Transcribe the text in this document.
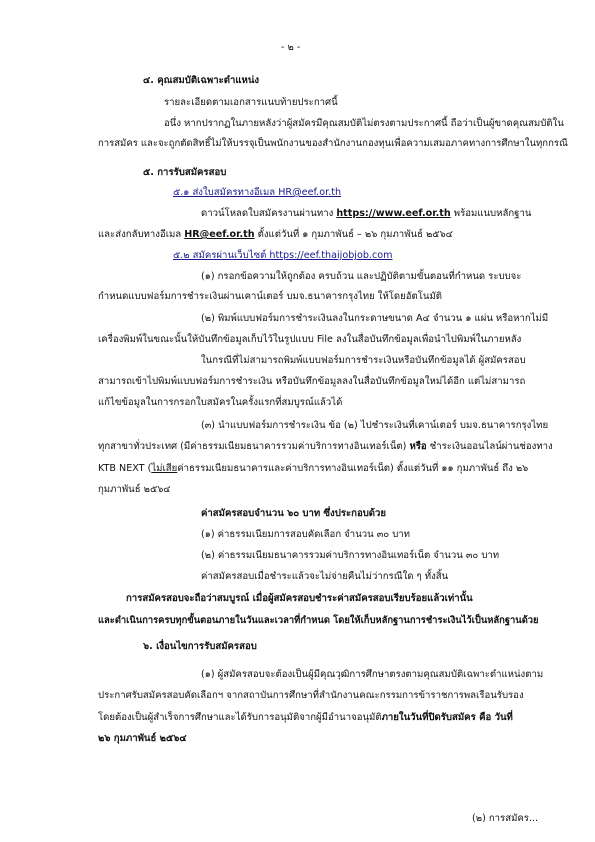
- ๒ -
๔. คุณสมบัติเฉพาะตำแหน่ง
รายละเอียดตามเอกสารแนบท้ายประกาศนี้
อนึ่ง หากปรากฏในภายหลังว่าผู้สมัครมีคุณสมบัติไม่ตรงตามประกาศนี้ ถือว่าเป็นผู้ขาดคุณสมบัติใน
การสมัคร และจะถูกตัดสิทธิ์ไม่ให้บรรจุเป็นพนักงานของสำนักงานกองทุนเพื่อความเสมอภาคทางการศึกษาในทุกกรณี
๕. การรับสมัครสอบ
๕.๑ ส่งใบสมัครทางอีเมล HR@eef.or.th
ดาวน์โหลดใบสมัครงานผ่านทาง https://www.eef.or.th พร้อมแนบหลักฐาน
และส่งกลับทางอีเมล HR@eef.or.th ตั้งแต่วันที่ ๑ กุมภาพันธ์ – ๒๖ กุมภาพันธ์ ๒๕๖๔
๕.๒ สมัครผ่านเว็บไซต์ https://eef.thaijobjob.com
(๑) กรอกข้อความให้ถูกต้อง ครบถ้วน และปฏิบัติตามขั้นตอนที่กำหนด ระบบจะ
กำหนดแบบฟอร์มการชำระเงินผ่านเคาน์เตอร์ บมจ.ธนาคารกรุงไทย ให้โดยอัตโนมัติ
(๒) พิมพ์แบบฟอร์มการชำระเงินลงในกระดาษขนาด A๔ จำนวน ๑ แผ่น หรือหากไม่มี
เครื่องพิมพ์ในขณะนั้นให้บันทึกข้อมูลเก็บไว้ในรูปแบบ File ลงในสื่อบันทึกข้อมูลเพื่อนำไปพิมพ์ในภายหลัง
ในกรณีที่ไม่สามารถพิมพ์แบบฟอร์มการชำระเงินหรือบันทึกข้อมูลได้ ผู้สมัครสอบ
สามารถเข้าไปพิมพ์แบบฟอร์มการชำระเงิน หรือบันทึกข้อมูลลงในสื่อบันทึกข้อมูลใหม่ได้อีก แต่ไม่สามารถ
แก้ไขข้อมูลในการกรอกใบสมัครในครั้งแรกที่สมบูรณ์แล้วได้
(๓) นำแบบฟอร์มการชำระเงิน ข้อ (๒) ไปชำระเงินที่เคาน์เตอร์ บมจ.ธนาคารกรุงไทย
ทุกสาขาทั่วประเทศ (มีค่าธรรมเนียมธนาคารรวมค่าบริการทางอินเทอร์เน็ต) หรือ ชำระเงินออนไลน์ผ่านช่องทาง
KTB NEXT (ไม่เสียค่าธรรมเนียมธนาคารและค่าบริการทางอินเทอร์เน็ต) ตั้งแต่วันที่ ๑๑ กุมภาพันธ์ ถึง ๒๖
กุมภาพันธ์ ๒๕๖๔
ค่าสมัครสอบจำนวน ๖๐ บาท ซึ่งประกอบด้วย
(๑) ค่าธรรมเนียมการสอบคัดเลือก จำนวน ๓๐ บาท
(๒) ค่าธรรมเนียมธนาคารรวมค่าบริการทางอินเทอร์เน็ต จำนวน ๓๐ บาท
ค่าสมัครสอบเมื่อชำระแล้วจะไม่จ่ายคืนไม่ว่ากรณีใด ๆ ทั้งสิ้น
การสมัครสอบจะถือว่าสมบูรณ์ เมื่อผู้สมัครสอบชำระค่าสมัครสอบเรียบร้อยแล้วเท่านั้น
และดำเนินการครบทุกขั้นตอนภายในวันและเวลาที่กำหนด โดยให้เก็บหลักฐานการชำระเงินไว้เป็นหลักฐานด้วย
๖. เงื่อนไขการรับสมัครสอบ
(๑) ผู้สมัครสอบจะต้องเป็นผู้มีคุณวุฒิการศึกษาตรงตามคุณสมบัติเฉพาะตำแหน่งตาม
ประกาศรับสมัครสอบคัดเลือกฯ จากสถาบันการศึกษาที่สำนักงานคณะกรรมการข้าราชการพลเรือนรับรอง
โดยต้องเป็นผู้สำเร็จการศึกษาและได้รับการอนุมัติจากผู้มีอำนาจอนุมัติภายในวันที่ปิดรับสมัคร คือ วันที่
๒๖ กุมภาพันธ์ ๒๕๖๔
(๒) การสมัคร...
